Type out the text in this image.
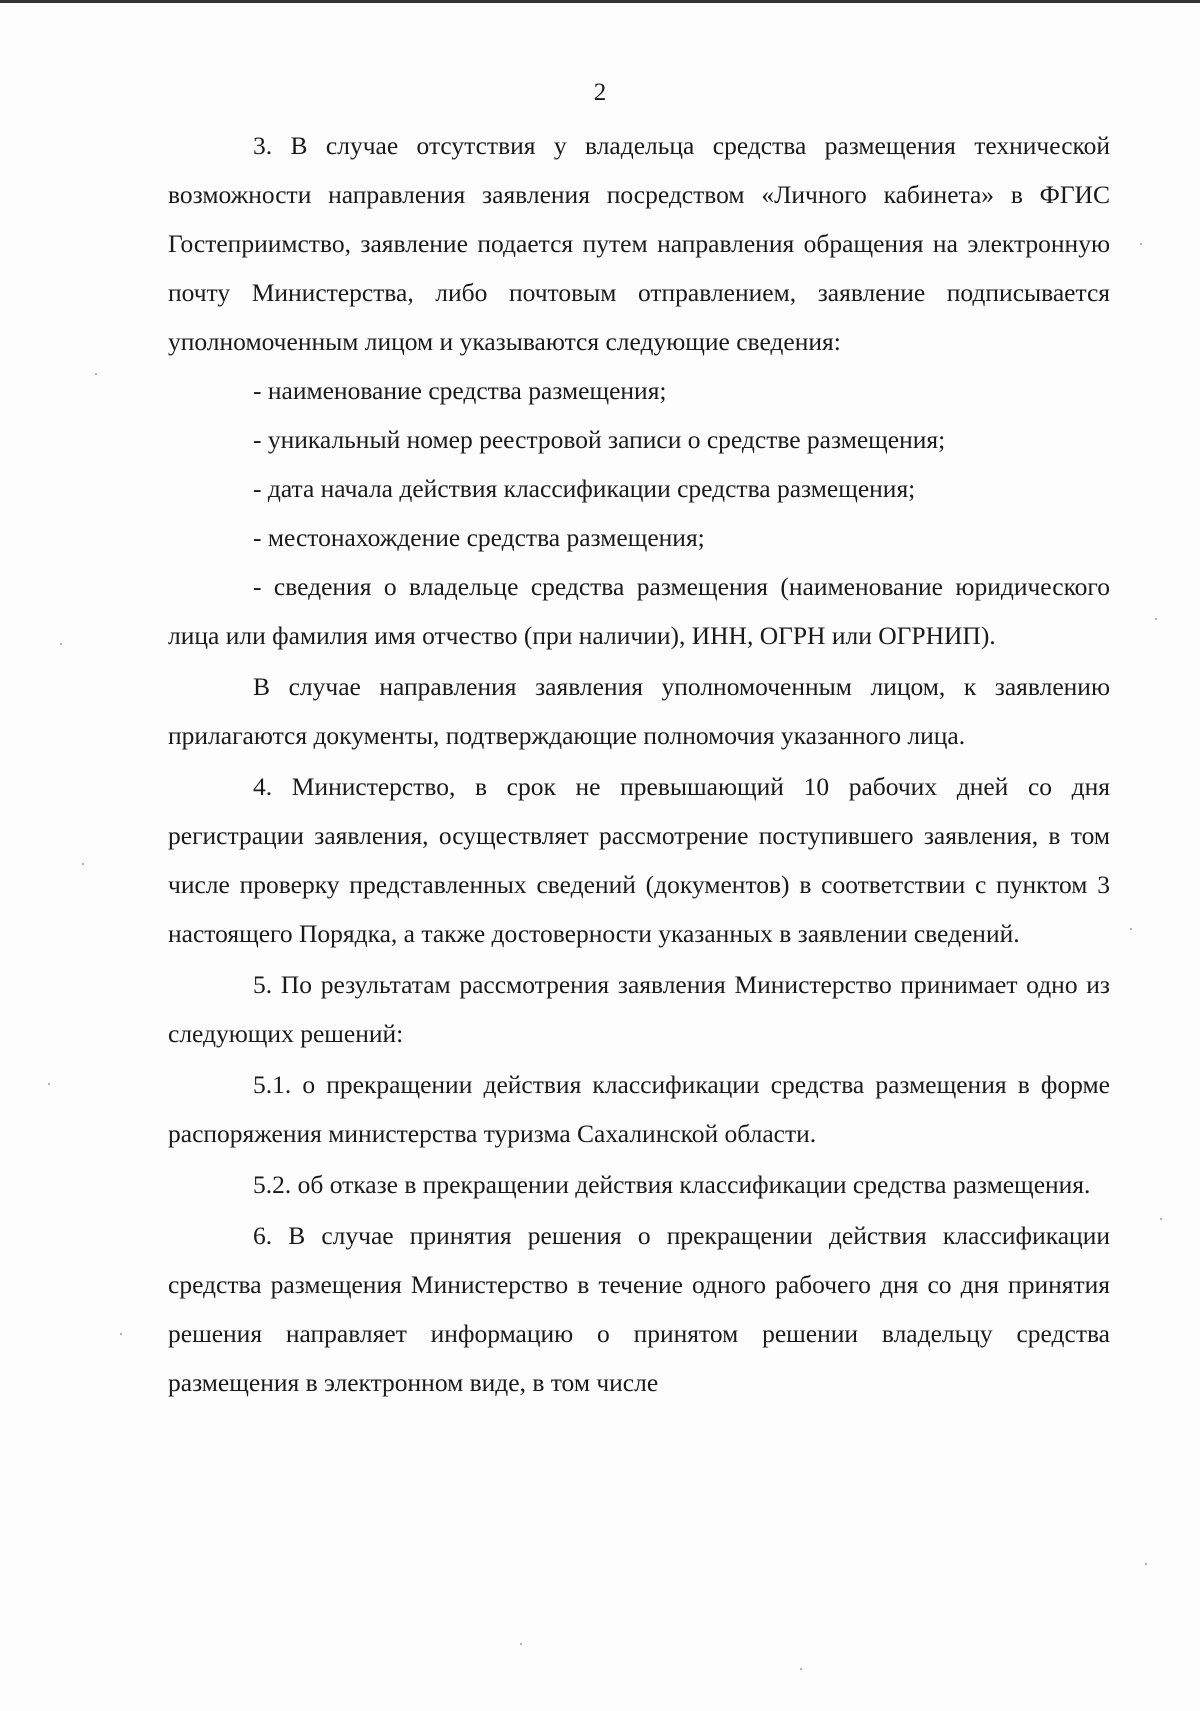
2

3. В случае отсутствия у владельца средства размещения технической возможности направления заявления посредством «Личного кабинета» в ФГИС Гостеприимство, заявление подается путем направления обращения на электронную почту Министерства, либо почтовым отправлением, заявление подписывается уполномоченным лицом и указываются следующие сведения:

- наименование средства размещения;

- уникальный номер реестровой записи о средстве размещения;

- дата начала действия классификации средства размещения;

- местонахождение средства размещения;

- сведения о владельце средства размещения (наименование юридического лица или фамилия имя отчество (при наличии), ИНН, ОГРН или ОГРНИП).

В случае направления заявления уполномоченным лицом, к заявлению прилагаются документы, подтверждающие полномочия указанного лица.

4. Министерство, в срок не превышающий 10 рабочих дней со дня регистрации заявления, осуществляет рассмотрение поступившего заявления, в том числе проверку представленных сведений (документов) в соответствии с пунктом 3 настоящего Порядка, а также достоверности указанных в заявлении сведений.

5. По результатам рассмотрения заявления Министерство принимает одно из следующих решений:

5.1. о прекращении действия классификации средства размещения в форме распоряжения министерства туризма Сахалинской области.

5.2. об отказе в прекращении действия классификации средства размещения.

6. В случае принятия решения о прекращении действия классификации средства размещения Министерство в течение одного рабочего дня со дня принятия решения направляет информацию о принятом решении владельцу средства размещения в электронном виде, в том числе
